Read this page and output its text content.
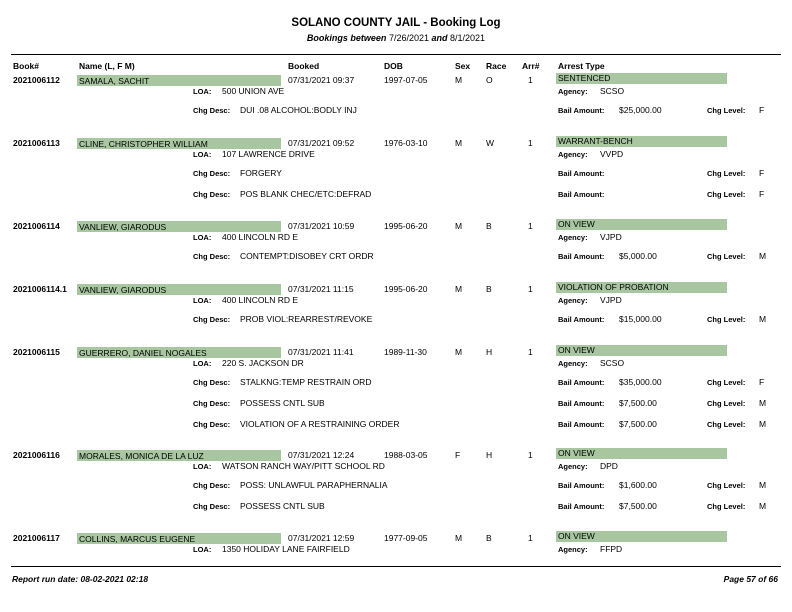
SOLANO COUNTY JAIL - Booking Log
Bookings between 7/26/2021 and 8/1/2021
Book#	Name (L, F M)	Booked	DOB	Sex Race Arr# Arrest Type
2021006112 SAMALA, SACHIT	07/31/2021 09:37	1997-07-05	M	O	1	SENTENCED
LOA: 500 UNION AVE	Agency: SCSO
Chg Desc: DUI .08 ALCOHOL:BODLY INJ	Bail Amount: $25,000.00	Chg Level: F
2021006113 CLINE, CHRISTOPHER WILLIAM	07/31/2021 09:52	1976-03-10	M	W	1	WARRANT-BENCH
LOA: 107 LAWRENCE DRIVE	Agency: VVPD
Chg Desc: FORGERY	Bail Amount:	Chg Level: F
Chg Desc: POS BLANK CHEC/ETC:DEFRAD	Bail Amount:	Chg Level: F
2021006114 VANLIEW, GIARODUS	07/31/2021 10:59	1995-06-20	M	B	1	ON VIEW
LOA: 400 LINCOLN RD E	Agency: VJPD
Chg Desc: CONTEMPT:DISOBEY CRT ORDR	Bail Amount: $5,000.00	Chg Level: M
2021006114.1 VANLIEW, GIARODUS	07/31/2021 11:15	1995-06-20	M	B	1	VIOLATION OF PROBATION
LOA: 400 LINCOLN RD E	Agency: VJPD
Chg Desc: PROB VIOL:REARREST/REVOKE	Bail Amount: $15,000.00	Chg Level: M
2021006115 GUERRERO, DANIEL NOGALES	07/31/2021 11:41	1989-11-30	M	H	1	ON VIEW
LOA: 220 S. JACKSON DR	Agency: SCSO
Chg Desc: STALKNG:TEMP RESTRAIN ORD	Bail Amount: $35,000.00	Chg Level: F
Chg Desc: POSSESS CNTL SUB	Bail Amount: $7,500.00	Chg Level: M
Chg Desc: VIOLATION OF A RESTRAINING ORDER	Bail Amount: $7,500.00	Chg Level: M
2021006116 MORALES, MONICA DE LA LUZ	07/31/2021 12:24	1988-03-05	F	H	1	ON VIEW
LOA: WATSON RANCH WAY/PITT SCHOOL RD	Agency: DPD
Chg Desc: POSS: UNLAWFUL PARAPHERNALIA	Bail Amount: $1,600.00	Chg Level: M
Chg Desc: POSSESS CNTL SUB	Bail Amount: $7,500.00	Chg Level: M
2021006117 COLLINS, MARCUS EUGENE	07/31/2021 12:59	1977-09-05	M	B	1	ON VIEW
LOA: 1350 HOLIDAY LANE FAIRFIELD	Agency: FFPD
Report run date: 08-02-2021 02:18	Page 57 of 66
